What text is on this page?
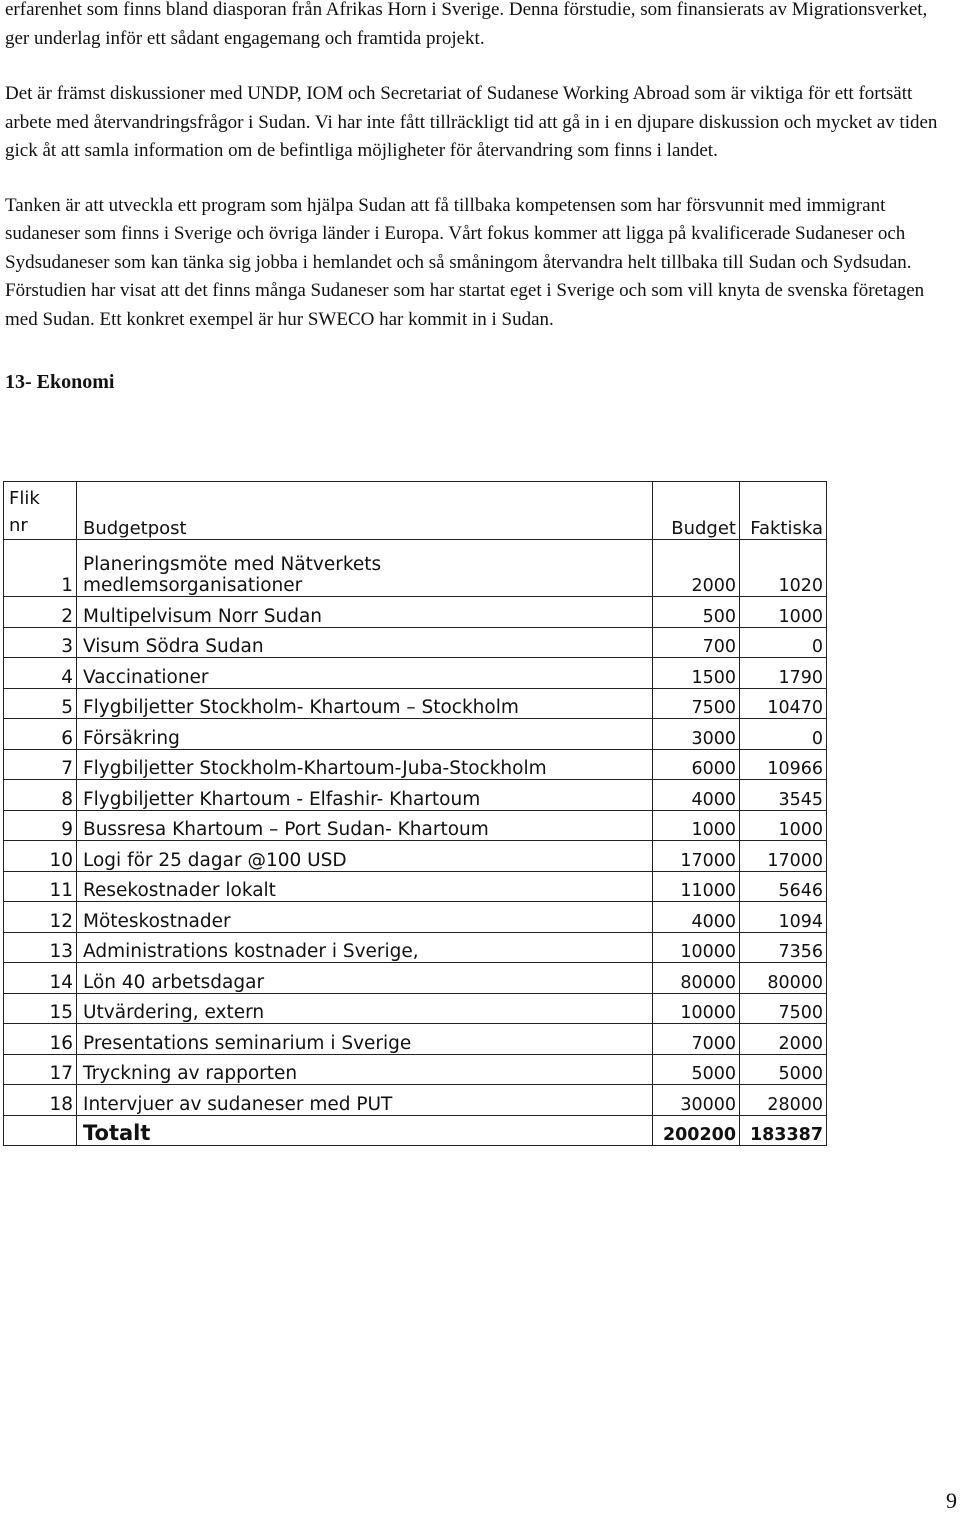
erfarenhet som finns bland diasporan från Afrikas Horn i Sverige. Denna förstudie, som finansierats av Migrationsverket, ger underlag inför ett sådant engagemang och framtida projekt.

Det är främst diskussioner med UNDP, IOM och Secretariat of Sudanese Working Abroad som är viktiga för ett fortsätt arbete med återvandringsfrågor i Sudan. Vi har inte fått tillräckligt tid att gå in i en djupare diskussion och mycket av tiden gick åt att samla information om de befintliga möjligheter för återvandring som finns i landet.

Tanken är att utveckla ett program som hjälpa Sudan att få tillbaka kompetensen som har försvunnit med immigrant sudaneser som finns i Sverige och övriga länder i Europa. Vårt fokus kommer att ligga på kvalificerade Sudaneser och Sydsudaneser som kan tänka sig jobba i hemlandet och så småningom återvandra helt tillbaka till Sudan och Sydsudan. Förstudien har visat att det finns många Sudaneser som har startat eget i Sverige och som vill knyta de svenska företagen med Sudan. Ett konkret exempel är hur SWECO har kommit in i Sudan.

13- Ekonomi
Flik
nr	Budgetpost	Budget	Faktiska
1	Planeringsmöte med Nätverkets
medlemsorganisationer	2000	1020
2	Multipelvisum Norr Sudan	500	1000
3	Visum Södra Sudan	700	0
4	Vaccinationer	1500	1790
5	Flygbiljetter Stockholm- Khartoum – Stockholm	7500	10470
6	Försäkring	3000	0
7	Flygbiljetter Stockholm-Khartoum-Juba-Stockholm	6000	10966
8	Flygbiljetter Khartoum - Elfashir- Khartoum	4000	3545
9	Bussresa Khartoum – Port Sudan- Khartoum	1000	1000
10	Logi för 25 dagar @100 USD	17000	17000
11	Resekostnader lokalt	11000	5646
12	Möteskostnader	4000	1094
13	Administrations kostnader i Sverige,	10000	7356
14	Lön 40 arbetsdagar	80000	80000
15	Utvärdering, extern	10000	7500
16	Presentations seminarium i Sverige	7000	2000
17	Tryckning av rapporten	5000	5000
18	Intervjuer av sudaneser med PUT	30000	28000
	Totalt	200200	183387
9
